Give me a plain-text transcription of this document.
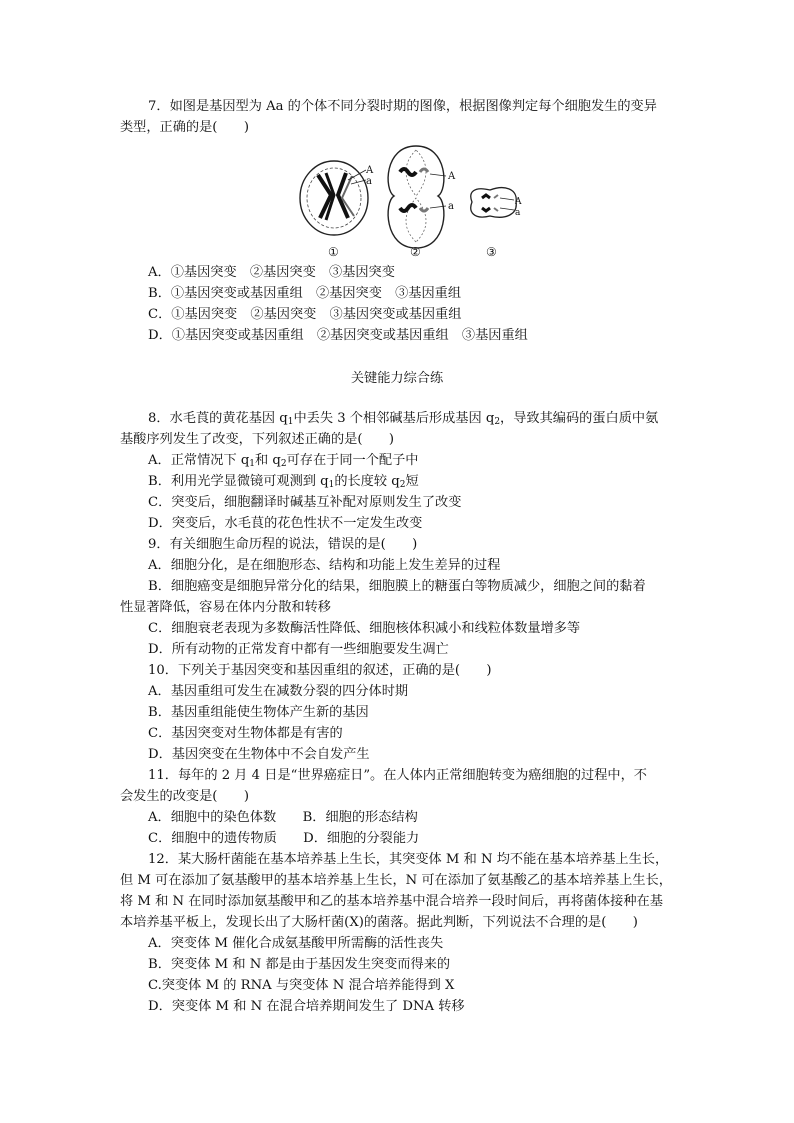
7．如图是基因型为 Aa 的个体不同分裂时期的图像，根据图像判定每个细胞发生的变异
类型，正确的是(　　)
A
a	A
a	A
a
①	②	③
A．①基因突变　②基因突变　③基因突变
B．①基因突变或基因重组　②基因突变　③基因重组
C．①基因突变　②基因突变　③基因突变或基因重组
D．①基因突变或基因重组　②基因突变或基因重组　③基因重组
关键能力综合练
8．水毛莨的黄花基因 $q_1$中丢失 3 个相邻碱基后形成基因 $q_2$，导致其编码的蛋白质中氨
基酸序列发生了改变，下列叙述正确的是(　　)
A．正常情况下 $q_1$和 $q_2$可存在于同一个配子中
B．利用光学显微镜可观测到 $q_1$的长度较 $q_2$短
C．突变后，细胞翻译时碱基互补配对原则发生了改变
D．突变后，水毛茛的花色性状不一定发生改变
9．有关细胞生命历程的说法，错误的是(　　)
A．细胞分化，是在细胞形态、结构和功能上发生差异的过程
B．细胞癌变是细胞异常分化的结果，细胞膜上的糖蛋白等物质减少，细胞之间的黏着
性显著降低，容易在体内分散和转移
C．细胞衰老表现为多数酶活性降低、细胞核体积减小和线粒体数量增多等
D．所有动物的正常发育中都有一些细胞要发生凋亡
10．下列关于基因突变和基因重组的叙述，正确的是(　　)
A．基因重组可发生在减数分裂的四分体时期
B．基因重组能使生物体产生新的基因
C．基因突变对生物体都是有害的
D．基因突变在生物体中不会自发产生
11．每年的 2 月 4 日是“世界癌症日”。在人体内正常细胞转变为癌细胞的过程中，不
会发生的改变是(　　)
A．细胞中的染色体数　　B．细胞的形态结构
C．细胞中的遗传物质　　D．细胞的分裂能力
12．某大肠杆菌能在基本培养基上生长，其突变体 M 和 N 均不能在基本培养基上生长，
但 M 可在添加了氨基酸甲的基本培养基上生长，N 可在添加了氨基酸乙的基本培养基上生长，
将 M 和 N 在同时添加氨基酸甲和乙的基本培养基中混合培养一段时间后，再将菌体接种在基
本培养基平板上，发现长出了大肠杆菌(X)的菌落。据此判断，下列说法不合理的是(　　)
A．突变体 M 催化合成氨基酸甲所需酶的活性丧失
B．突变体 M 和 N 都是由于基因发生突变而得来的
C.突变体 M 的 RNA 与突变体 N 混合培养能得到 X
D．突变体 M 和 N 在混合培养期间发生了 DNA 转移
